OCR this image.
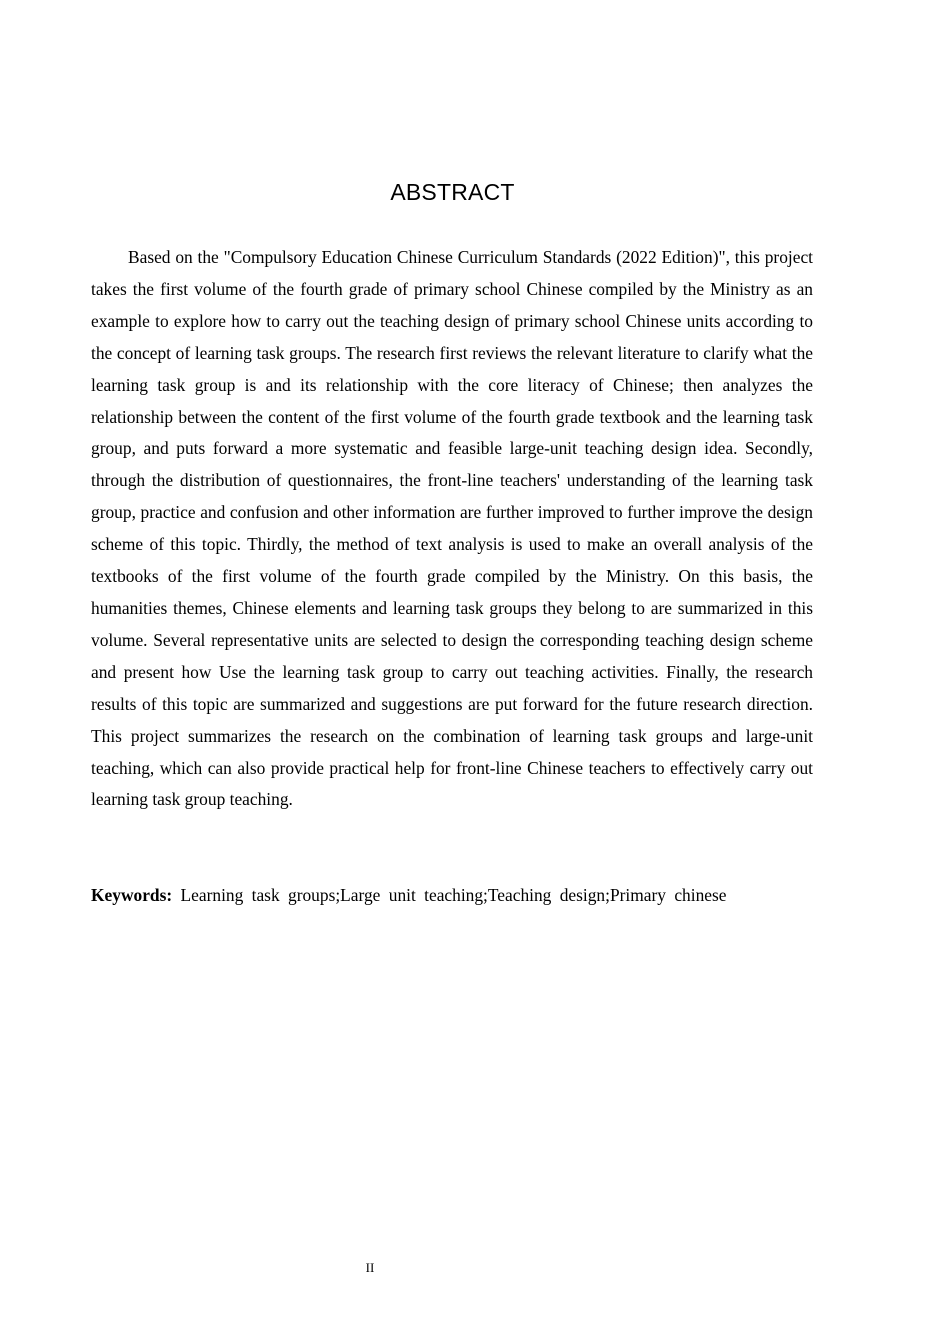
ABSTRACT

Based on the "Compulsory Education Chinese Curriculum Standards (2022 Edition)", this project takes the first volume of the fourth grade of primary school Chinese compiled by the Ministry as an example to explore how to carry out the teaching design of primary school Chinese units according to the concept of learning task groups. The research first reviews the relevant literature to clarify what the learning task group is and its relationship with the core literacy of Chinese; then analyzes the relationship between the content of the first volume of the fourth grade textbook and the learning task group, and puts forward a more systematic and feasible large-unit teaching design idea. Secondly, through the distribution of questionnaires, the front-line teachers' understanding of the learning task group, practice and confusion and other information are further improved to further improve the design scheme of this topic. Thirdly, the method of text analysis is used to make an overall analysis of the textbooks of the first volume of the fourth grade compiled by the Ministry. On this basis, the humanities themes, Chinese elements and learning task groups they belong to are summarized in this volume. Several representative units are selected to design the corresponding teaching design scheme and present how Use the learning task group to carry out teaching activities. Finally, the research results of this topic are summarized and suggestions are put forward for the future research direction. This project summarizes the research on the combination of learning task groups and large-unit teaching, which can also provide practical help for front-line Chinese teachers to effectively carry out learning task group teaching.

Keywords: Learning task groups;Large unit teaching;Teaching design;Primary chinese

II
